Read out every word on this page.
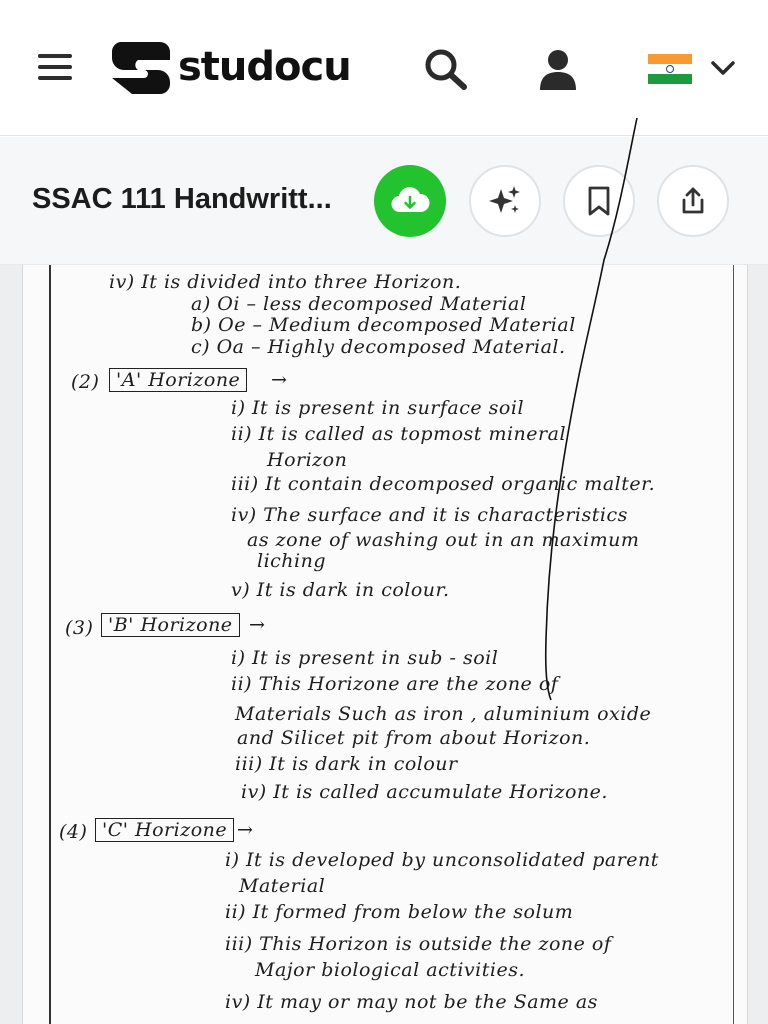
studocu
SSAC 111 Handwritt...
iv) It is divided into three Horizon.
a) Oi – less decomposed Material
b) Oe – Medium decomposed Material
c) Oa – Highly decomposed Material.
(2) 'A' Horizone	→
i) It is present in surface soil
ii) It is called as topmost mineral
Horizon
iii) It contain decomposed organic malter.
iv) The surface and it is characteristics
as zone of washing out in an maximum
liching
v) It is dark in colour.
(3) 'B' Horizone →
i) It is present in sub - soil
ii) This Horizone are the zone of
Materials Such as iron , aluminium oxide
and Silicet pit from about Horizon.
iii) It is dark in colour
iv) It is called accumulate Horizone.
(4) 'C' Horizone →
i) It is developed by unconsolidated parent
Material
ii) It formed from below the solum
iii) This Horizon is outside the zone of
Major biological activities.
iv) It may or may not be the Same as
